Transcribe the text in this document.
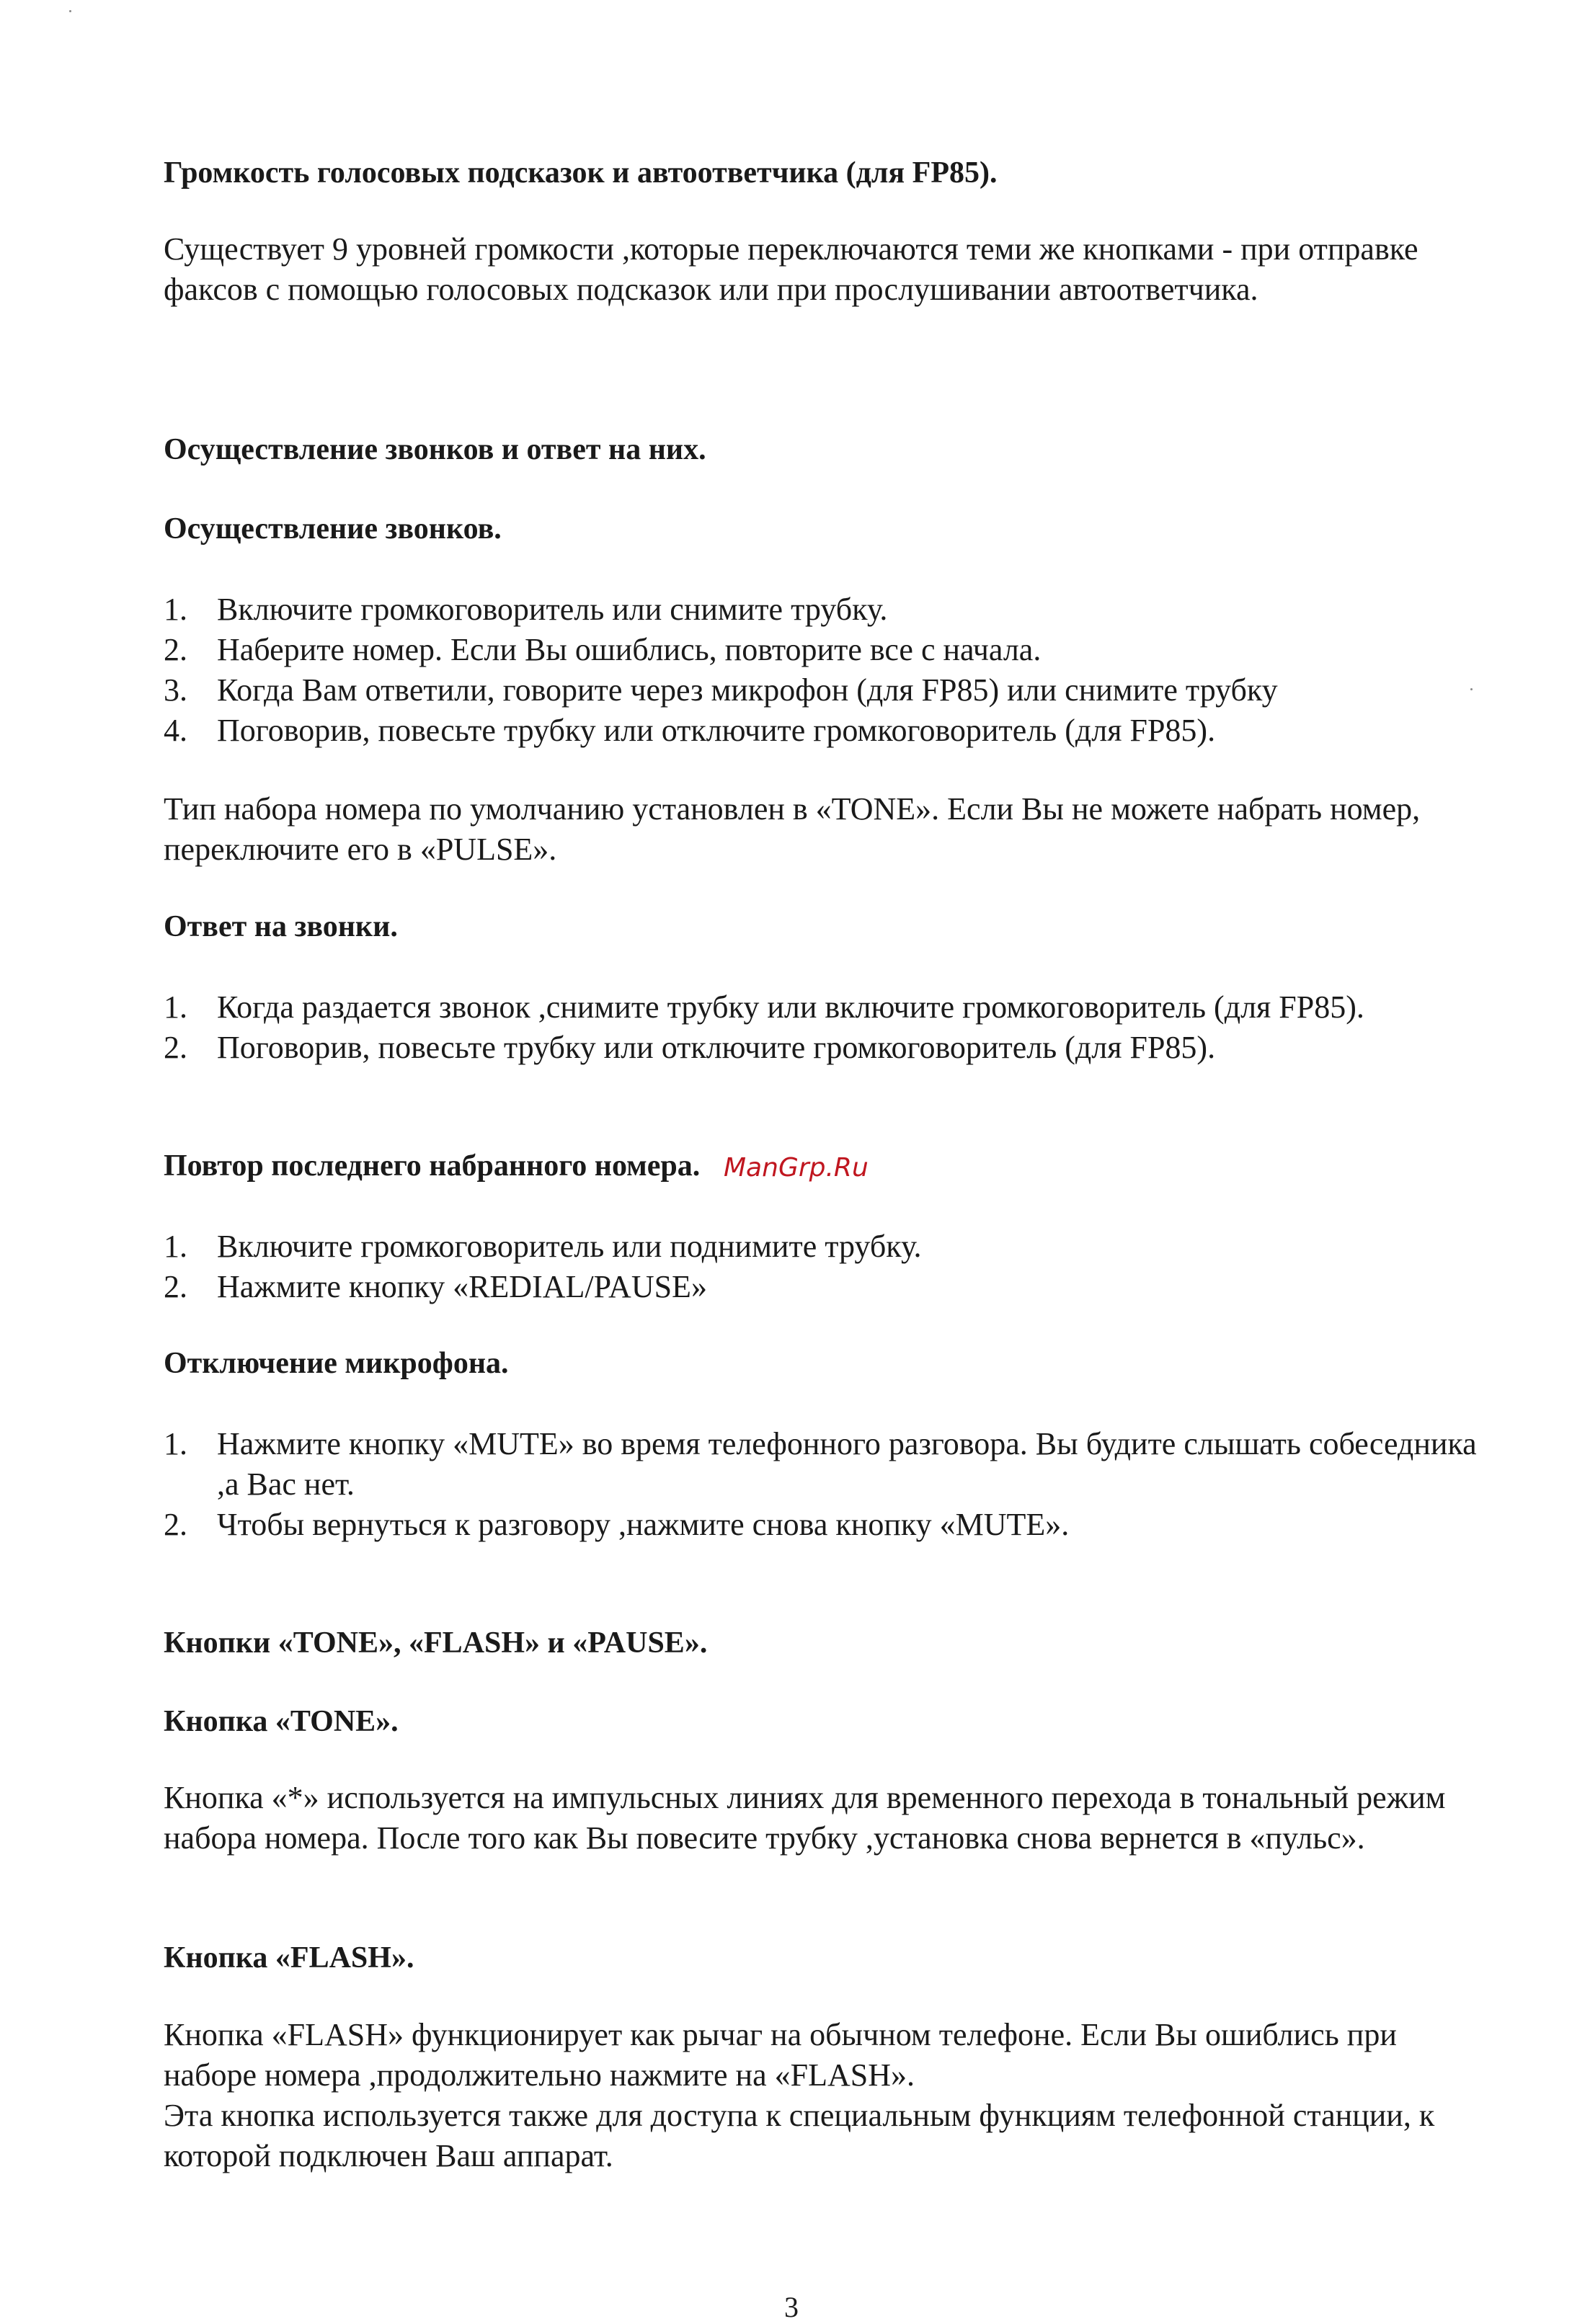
Громкость голосовых подсказок и автоответчика (для FP85).

Существует 9 уровней громкости ,которые переключаются теми же кнопками - при отправке факсов с помощью голосовых подсказок или при прослушивании автоответчика.

Осуществление звонков и ответ на них.

Осуществление звонков.

1. Включите громкоговоритель или снимите трубку.
2. Наберите номер. Если Вы ошиблись, повторите все с начала.
3. Когда Вам ответили, говорите через микрофон (для FP85) или снимите трубку
4. Поговорив, повесьте трубку или отключите громкоговоритель (для FP85).

Тип набора номера по умолчанию установлен в «TONE». Если Вы не можете набрать номер, переключите его в «PULSE».

Ответ на звонки.

1. Когда раздается звонок ,снимите трубку или включите громкоговоритель (для FP85).
2. Поговорив, повесьте трубку или отключите громкоговоритель (для FP85).

Повтор последнего набранного номера. ManGrp.Ru
1. Включите громкоговоритель или поднимите трубку.
2. Нажмите кнопку «REDIAL/PAUSE»

Отключение микрофона.

1. Нажмите кнопку «MUTE» во время телефонного разговора. Вы будите слышать собеседника ,а Вас нет.
2. Чтобы вернуться к разговору ,нажмите снова кнопку «MUTE».

Кнопки «TONE», «FLASH» и «PAUSE».

Кнопка «TONE».

Кнопка «*» используется на импульсных линиях для временного перехода в тональный режим набора номера. После того как Вы повесите трубку ,установка снова вернется в «пульс».

Кнопка «FLASH».

Кнопка «FLASH» функционирует как рычаг на обычном телефоне. Если Вы ошиблись при наборе номера ,продолжительно нажмите на «FLASH».

Эта кнопка используется также для доступа к специальным функциям телефонной станции, к которой подключен Ваш аппарат.

3
